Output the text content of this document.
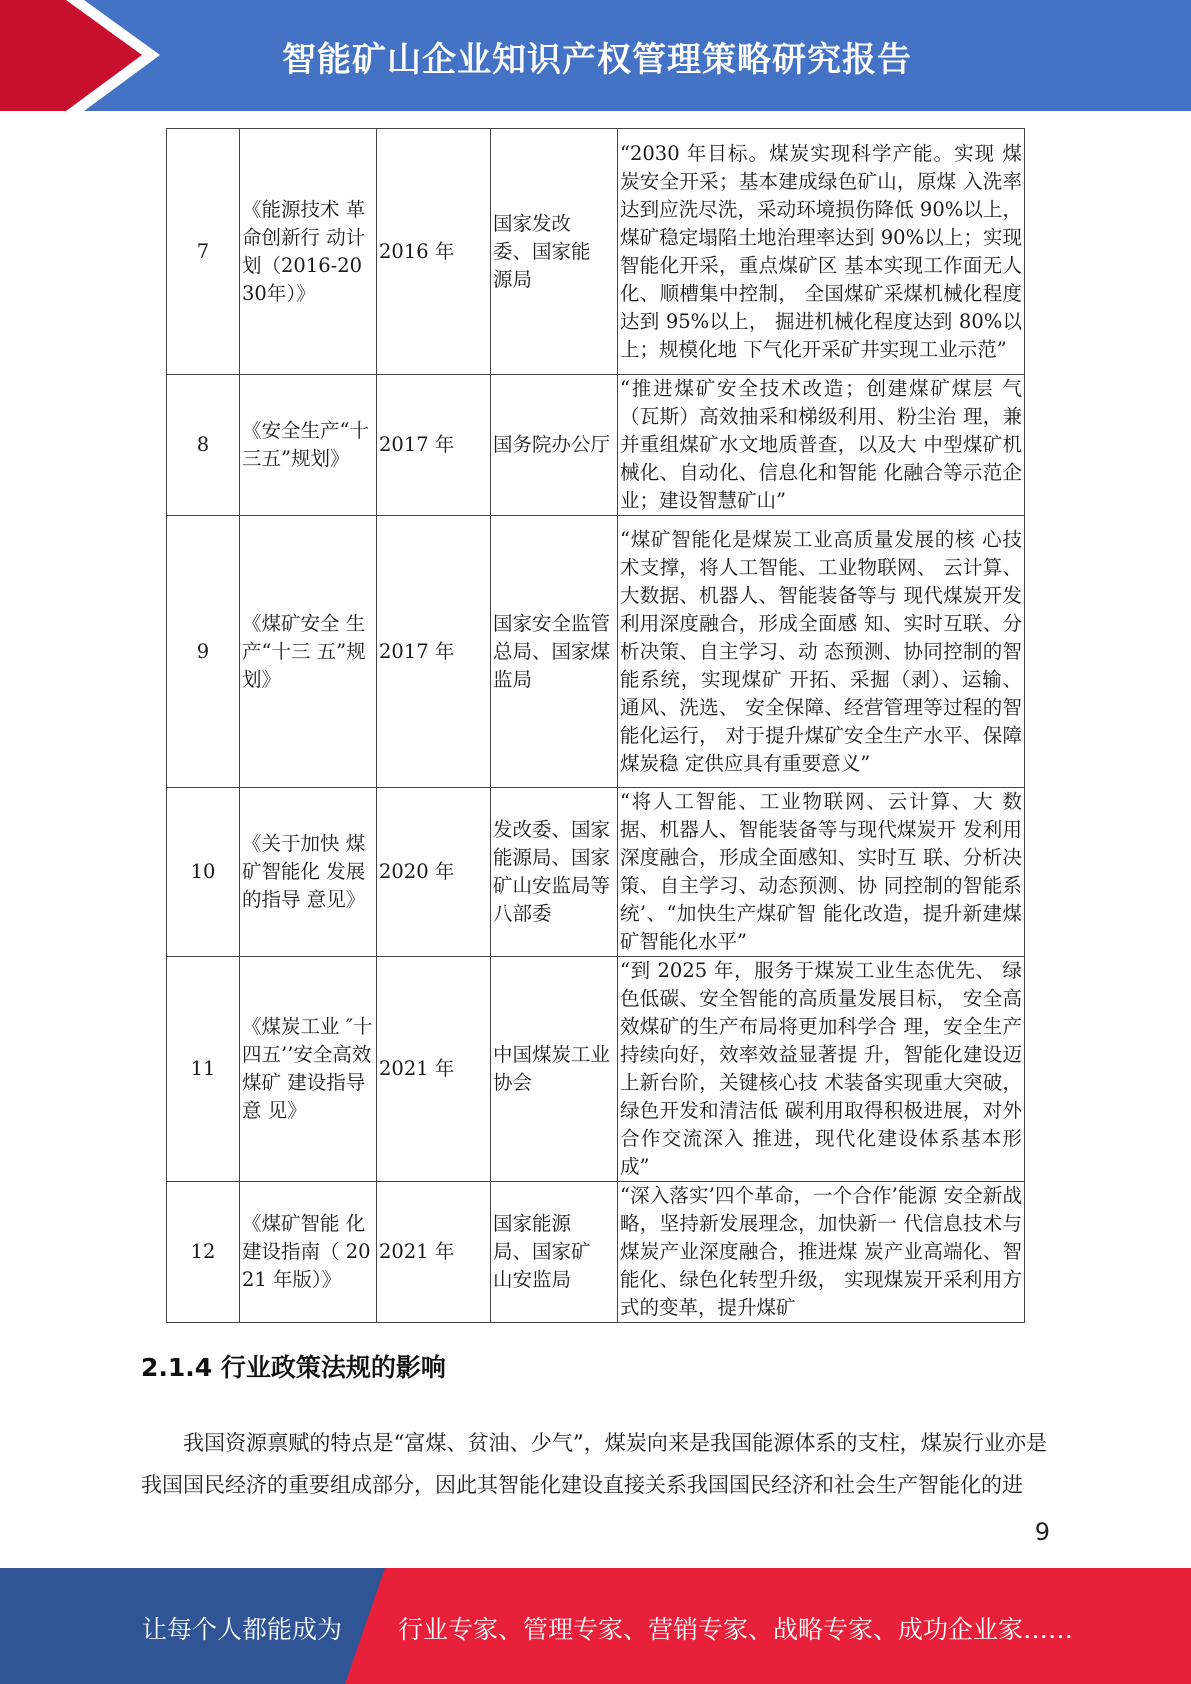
智能矿山企业知识产权管理策略研究报告
7	《能源技术 革命创新行 动计划（2016-2030年）》	2016 年	国家发改 委、国家能 源局	“2030 年目标。煤炭实现科学产能。实现 煤炭安全开采；基本建成绿色矿山，原煤 入洗率达到应洗尽洗，采动环境损伤降低 90%以上，煤矿稳定塌陷土地治理率达到 90%以上；实现智能化开采，重点煤矿区 基本实现工作面无人化、顺槽集中控制， 全国煤矿采煤机械化程度达到 95%以上， 掘进机械化程度达到 80%以上；规模化地 下气化开采矿井实现工业示范”
8	《安全生产“十三五”规划》	2017 年	国务院办公厅	“推进煤矿安全技术改造；创建煤矿煤层 气（瓦斯）高效抽采和梯级利用、粉尘治 理，兼并重组煤矿水文地质普查，以及大 中型煤矿机械化、自动化、信息化和智能 化融合等示范企业；建设智慧矿山”
9	《煤矿安全 生产“十三 五”规划》	2017 年	国家安全监管总局、国家煤监局	“煤矿智能化是煤炭工业高质量发展的核 心技术支撑，将人工智能、工业物联网、 云计算、大数据、机器人、智能装备等与 现代煤炭开发利用深度融合，形成全面感 知、实时互联、分析决策、自主学习、动 态预测、协同控制的智能系统，实现煤矿 开拓、采掘（剥）、运输、通风、洗选、 安全保障、经营管理等过程的智能化运行， 对于提升煤矿安全生产水平、保障煤炭稳 定供应具有重要意义”
10	《关于加快 煤矿智能化 发展的指导 意见》	2020 年	发改委、国家能源局、国家矿山安监局等八部委	“将人工智能、工业物联网、云计算、大 数据、机器人、智能装备等与现代煤炭开 发利用深度融合，形成全面感知、实时互 联、分析决策、自主学习、动态预测、协 同控制的智能系统’、“加快生产煤矿智 能化改造，提升新建煤矿智能化水平”
11	《煤炭工业 ″十四五’’安全高效煤矿 建设指导意 见》	2021 年	中国煤炭工业协会	“到 2025 年，服务于煤炭工业生态优先、 绿色低碳、安全智能的高质量发展目标， 安全高效煤矿的生产布局将更加科学合 理，安全生产持续向好，效率效益显著提 升，智能化建设迈上新台阶，关键核心技 术装备实现重大突破，绿色开发和清洁低 碳利用取得积极进展，对外合作交流深入 推进，现代化建设体系基本形成”
12	《煤矿智能 化建设指南（ 2021 年版）》	2021 年	国家能源 局、国家矿 山安监局	“深入落实’四个革命，一个合作’能源 安全新战略，坚持新发展理念，加快新一 代信息技术与煤炭产业深度融合，推进煤 炭产业高端化、智能化、绿色化转型升级， 实现煤炭开采利用方式的变革，提升煤矿
2.1.4 行业政策法规的影响
我国资源禀赋的特点是“富煤、贫油、少气”，煤炭向来是我国能源体系的支柱，煤炭行业亦是我国国民经济的重要组成部分，因此其智能化建设直接关系我国国民经济和社会生产智能化的进
9
让每个人都能成为 行业专家、管理专家、营销专家、战略专家、成功企业家……
